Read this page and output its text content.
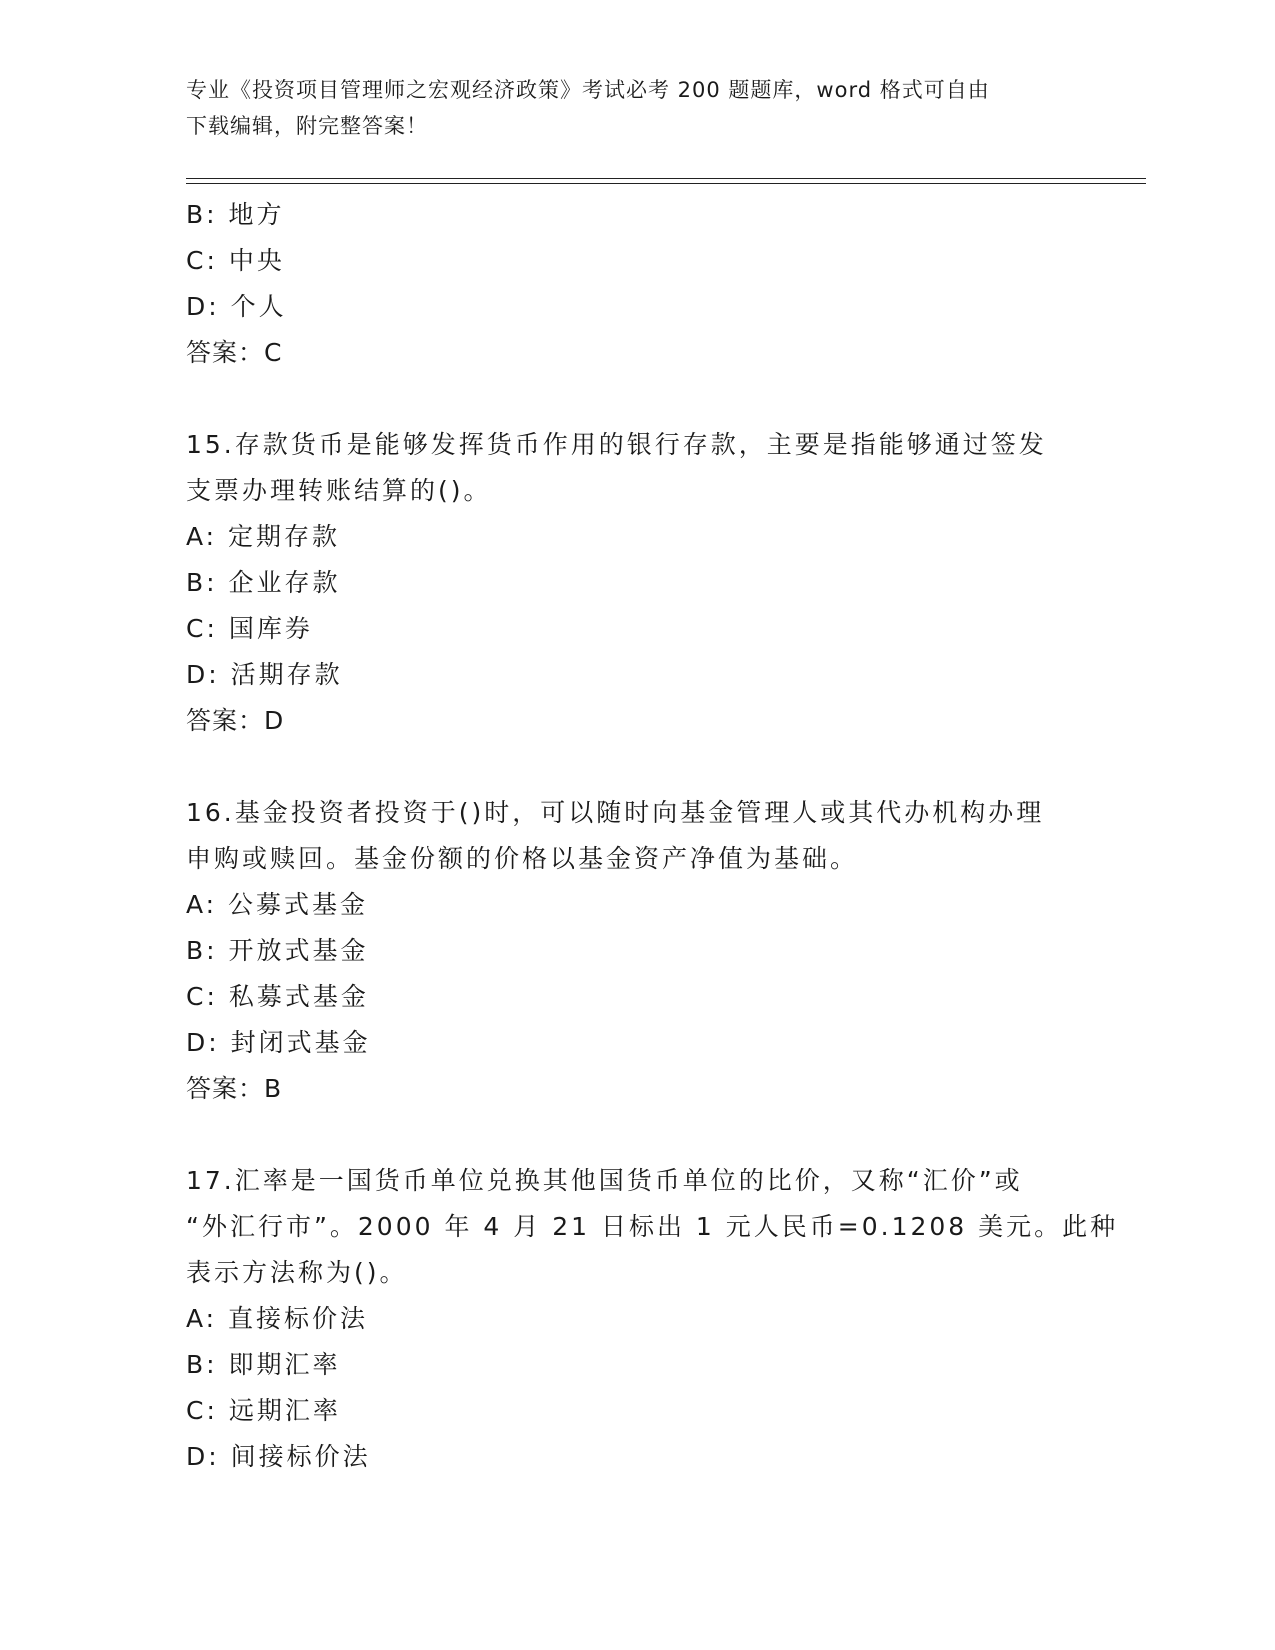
专业《投资项目管理师之宏观经济政策》考试必考 200 题题库，word 格式可自由
下载编辑，附完整答案！
B: 地方
C: 中央
D: 个人
答案：C
15.存款货币是能够发挥货币作用的银行存款，主要是指能够通过签发
支票办理转账结算的()。
A: 定期存款
B: 企业存款
C: 国库券
D: 活期存款
答案：D
16.基金投资者投资于()时，可以随时向基金管理人或其代办机构办理
申购或赎回。基金份额的价格以基金资产净值为基础。
A: 公募式基金
B: 开放式基金
C: 私募式基金
D: 封闭式基金
答案：B
17.汇率是一国货币单位兑换其他国货币单位的比价，又称“汇价”或
“外汇行市”。2000 年 4 月 21 日标出 1 元人民币=0.1208 美元。此种
表示方法称为()。
A: 直接标价法
B: 即期汇率
C: 远期汇率
D: 间接标价法
